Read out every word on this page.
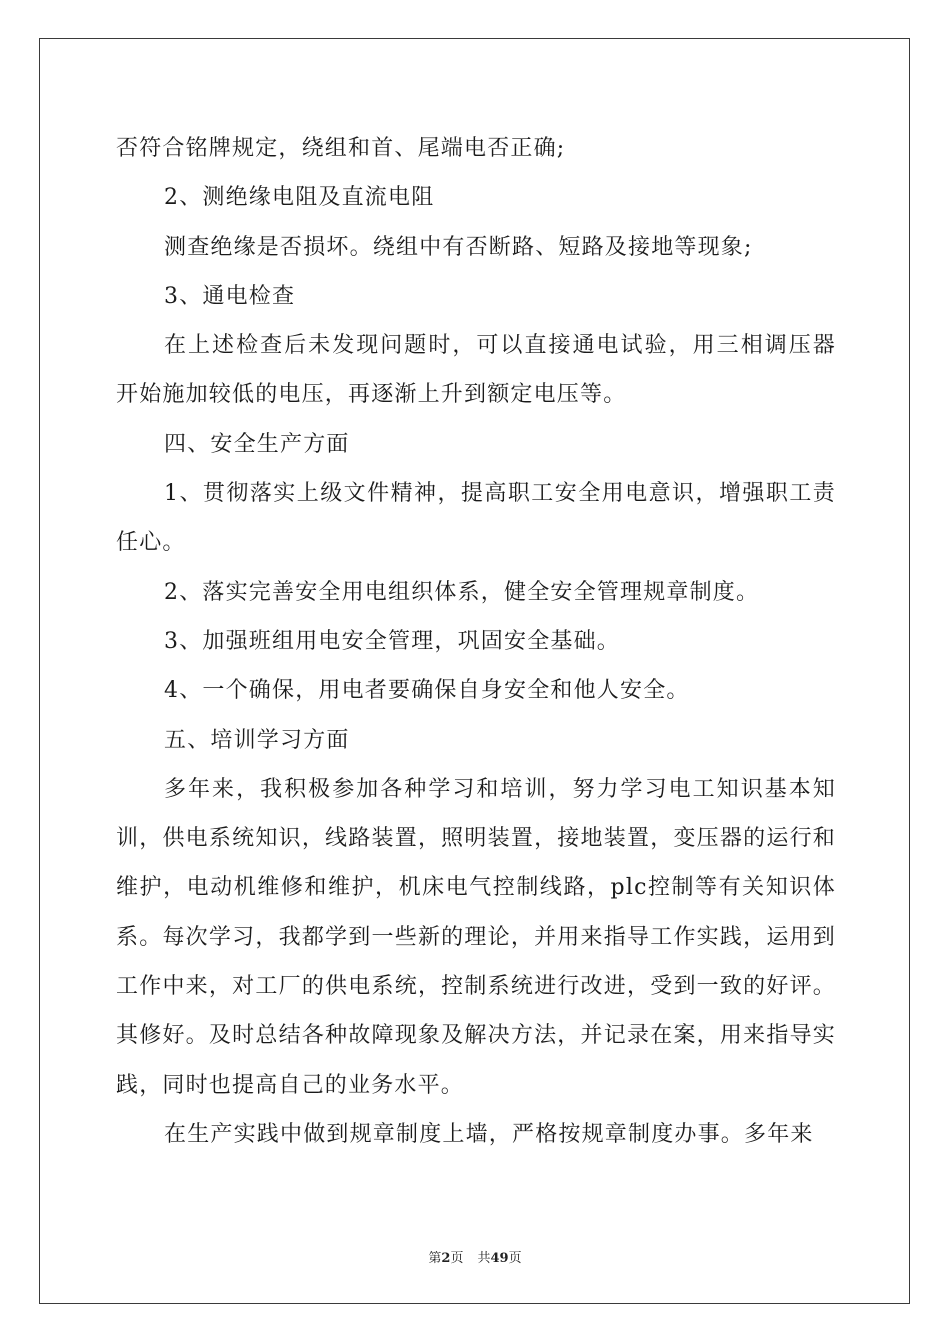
否符合铭牌规定，绕组和首、尾端电否正确;

2、测绝缘电阻及直流电阻

测查绝缘是否损坏。绕组中有否断路、短路及接地等现象;

3、通电检查

在上述检查后未发现问题时，可以直接通电试验，用三相调压器开始施加较低的电压，再逐渐上升到额定电压等。

四、安全生产方面

1、贯彻落实上级文件精神，提高职工安全用电意识，增强职工责任心。

2、落实完善安全用电组织体系，健全安全管理规章制度。

3、加强班组用电安全管理，巩固安全基础。

4、一个确保，用电者要确保自身安全和他人安全。

五、培训学习方面

多年来，我积极参加各种学习和培训，努力学习电工知识基本知训，供电系统知识，线路装置，照明装置，接地装置，变压器的运行和维护，电动机维修和维护，机床电气控制线路，plc控制等有关知识体系。每次学习，我都学到一些新的理论，并用来指导工作实践，运用到工作中来，对工厂的供电系统，控制系统进行改进，受到一致的好评。其修好。及时总结各种故障现象及解决方法，并记录在案，用来指导实践，同时也提高自己的业务水平。

在生产实践中做到规章制度上墙，严格按规章制度办事。多年来

第2页 共49页
